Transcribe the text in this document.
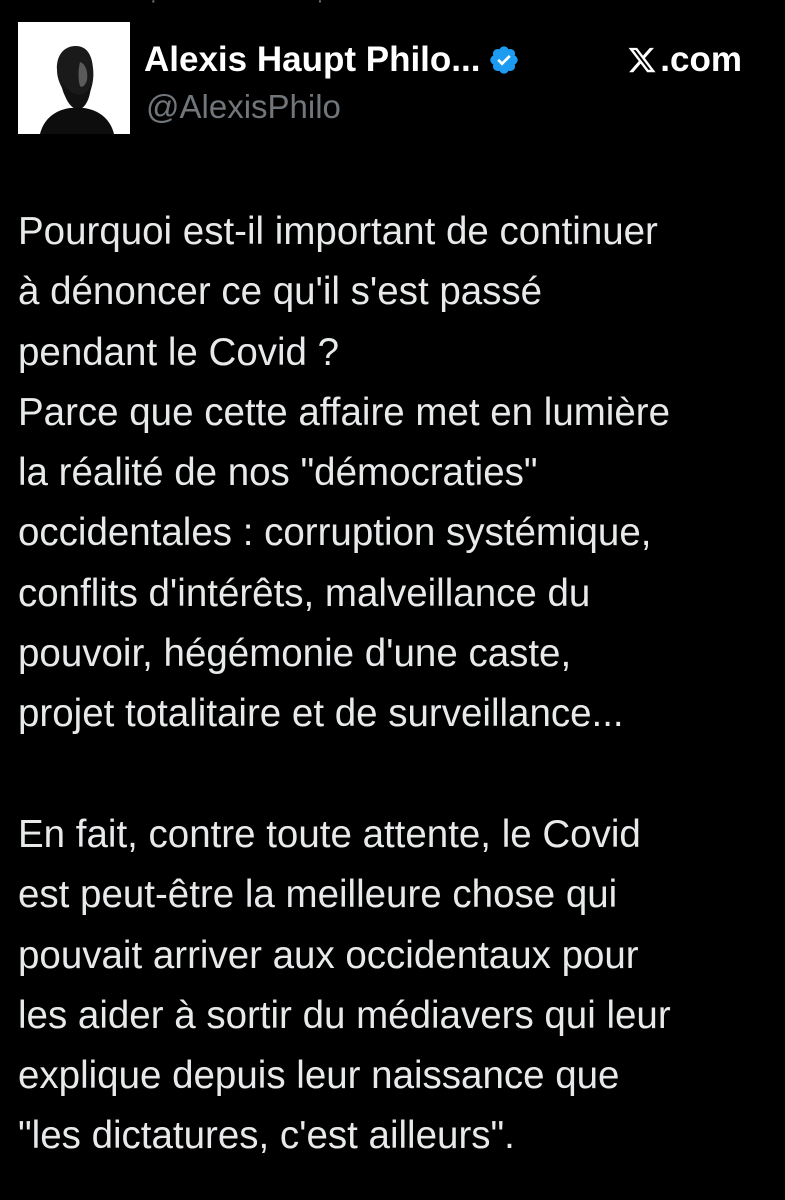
··
Alexis Haupt Philo...
@AlexisPhilo
.com

Pourquoi est-il important de continuer
à dénoncer ce qu'il s'est passé
pendant le Covid ?
Parce que cette affaire met en lumière
la réalité de nos "démocraties"
occidentales : corruption systémique,
conflits d'intérêts, malveillance du
pouvoir, hégémonie d'une caste,
projet totalitaire et de surveillance...

En fait, contre toute attente, le Covid
est peut-être la meilleure chose qui
pouvait arriver aux occidentaux pour
les aider à sortir du médiavers qui leur
explique depuis leur naissance que
"les dictatures, c'est ailleurs".
